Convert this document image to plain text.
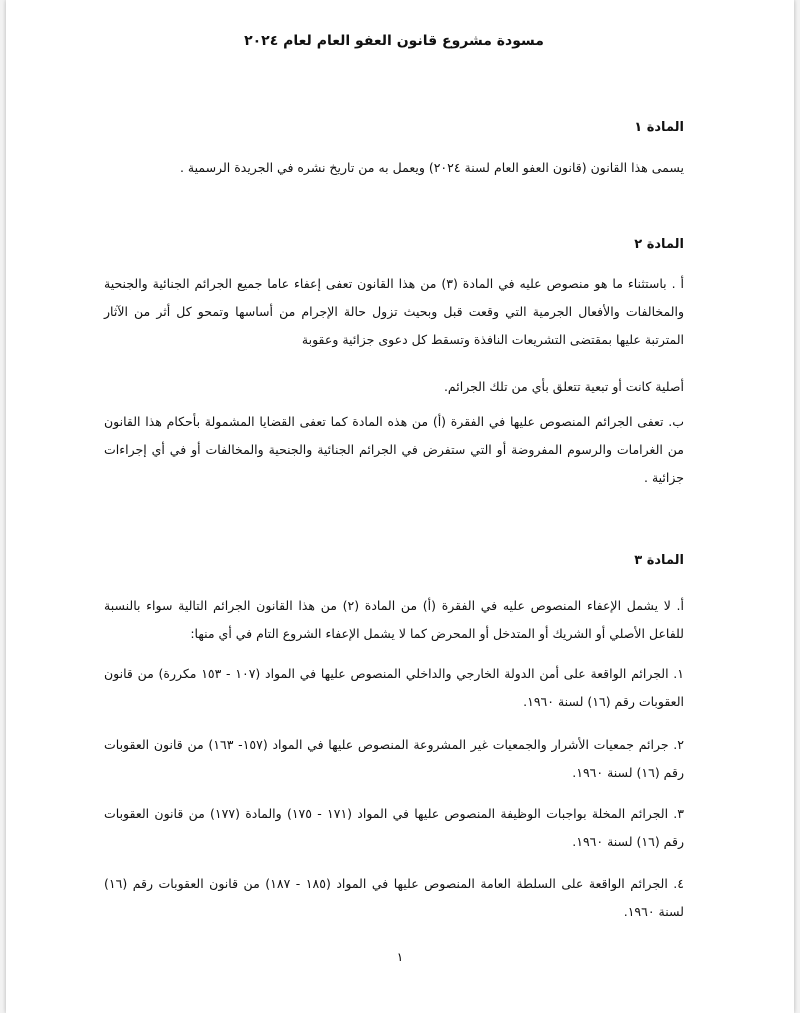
مسودة مشروع قانون العفو العام لعام ٢٠٢٤
المادة ١
يسمى هذا القانون (قانون العفو العام لسنة ٢٠٢٤) ويعمل به من تاريخ نشره في الجريدة الرسمية .
المادة ٢
أ . باستثناء ما هو منصوص عليه في المادة (٣) من هذا القانون تعفى إعفاء عاما جميع الجرائم الجنائية والجنحية والمخالفات والأفعال الجرمية التي وقعت قبل وبحيث تزول حالة الإجرام من أساسها وتمحو كل أثر من الآثار المترتبة عليها بمقتضى التشريعات النافذة وتسقط كل دعوى جزائية وعقوبة
أصلية كانت أو تبعية تتعلق بأي من تلك الجرائم.
ب. تعفى الجرائم المنصوص عليها في الفقرة (أ) من هذه المادة كما تعفى القضايا المشمولة بأحكام هذا القانون من الغرامات والرسوم المفروضة أو التي ستفرض في الجرائم الجنائية والجنحية والمخالفات أو في أي إجراءات جزائية .
المادة ٣
أ. لا يشمل الإعفاء المنصوص عليه في الفقرة (أ) من المادة (٢) من هذا القانون الجرائم التالية سواء بالنسبة للفاعل الأصلي أو الشريك أو المتدخل أو المحرض كما لا يشمل الإعفاء الشروع التام في أي منها:
١. الجرائم الواقعة على أمن الدولة الخارجي والداخلي المنصوص عليها في المواد (١٠٧ - ١٥٣ مكررة) من قانون العقوبات رقم (١٦) لسنة ١٩٦٠.
٢. جرائم جمعيات الأشرار والجمعيات غير المشروعة المنصوص عليها في المواد (١٥٧- ١٦٣) من قانون العقوبات رقم (١٦) لسنة ١٩٦٠.
٣. الجرائم المخلة بواجبات الوظيفة المنصوص عليها في المواد (١٧١ - ١٧٥) والمادة (١٧٧) من قانون العقوبات رقم (١٦) لسنة ١٩٦٠.
٤. الجرائم الواقعة على السلطة العامة المنصوص عليها في المواد (١٨٥ - ١٨٧) من قانون العقوبات رقم (١٦) لسنة ١٩٦٠.
١
